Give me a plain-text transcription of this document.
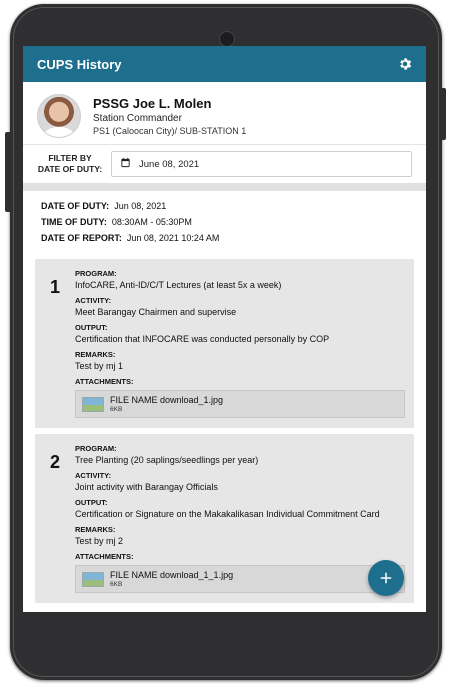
CUPS History
PSSG Joe L. Molen
Station Commander
PS1 (Caloocan City)/ SUB-STATION 1
FILTER BY
DATE OF DUTY:	June 08, 2021
DATE OF DUTY: Jun 08, 2021
TIME OF DUTY: 08:30AM - 05:30PM
DATE OF REPORT: Jun 08, 2021 10:24 AM
1
PROGRAM:
InfoCARE, Anti-ID/C/T Lectures (at least 5x a week)
ACTIVITY:
Meet Barangay Chairmen and supervise
OUTPUT:
Certification that INFOCARE was conducted personally by COP
REMARKS:
Test by mj 1
ATTACHMENTS:
FILE NAME download_1.jpg
6KB
2
PROGRAM:
Tree Planting (20 saplings/seedlings per year)
ACTIVITY:
Joint activity with Barangay Officials
OUTPUT:
Certification or Signature on the Makakalikasan Individual Commitment Card
REMARKS:
Test by mj 2
ATTACHMENTS:
FILE NAME download_1_1.jpg
6KB
